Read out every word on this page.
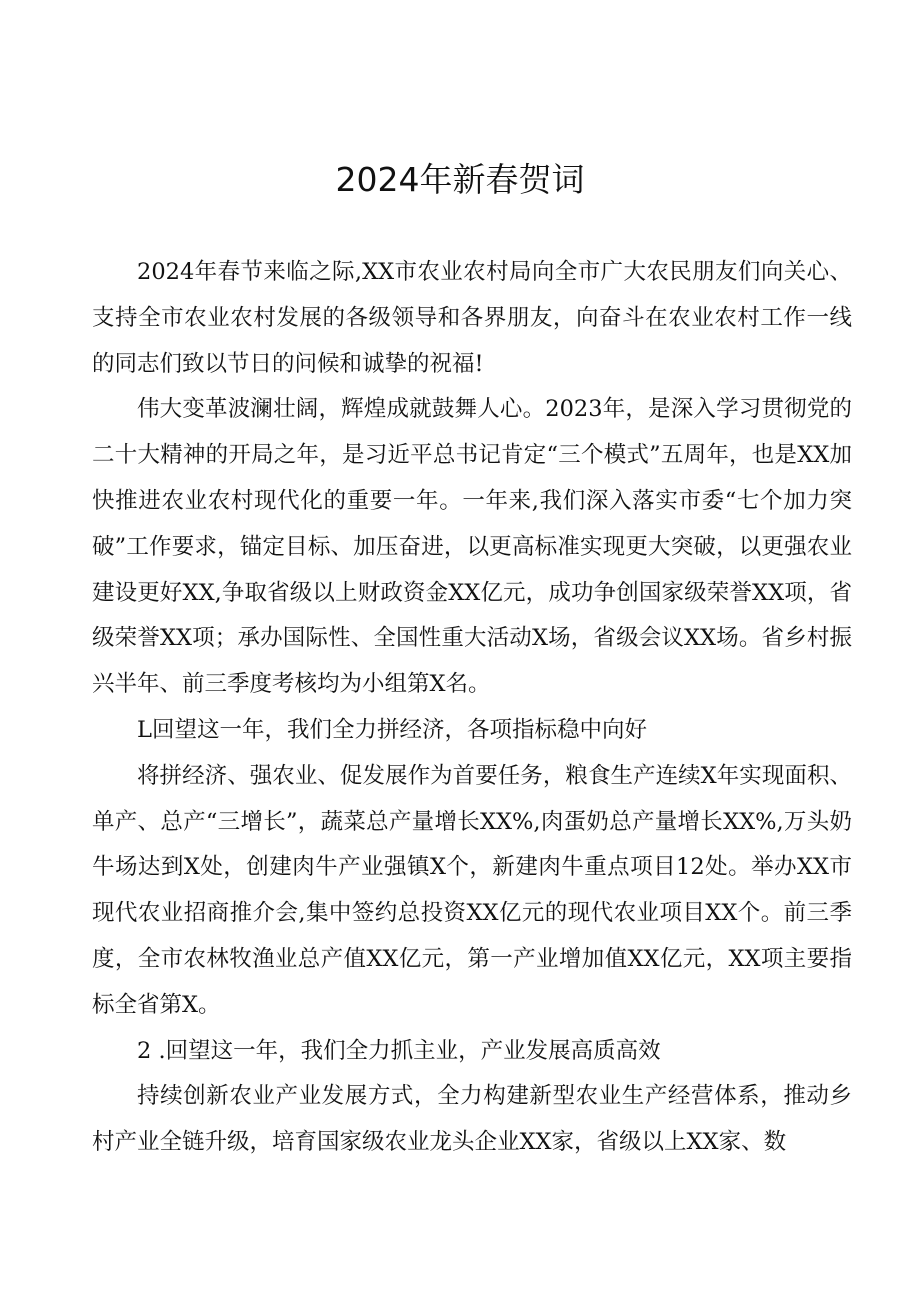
2024年新春贺词

2024年春节来临之际,XX市农业农村局向全市广大农民朋友们向关心、支持全市农业农村发展的各级领导和各界朋友，向奋斗在农业农村工作一线的同志们致以节日的问候和诚挚的祝福!

伟大变革波澜壮阔，辉煌成就鼓舞人心。2023年，是深入学习贯彻党的二十大精神的开局之年，是习近平总书记肯定“三个模式”五周年，也是XX加快推进农业农村现代化的重要一年。一年来,我们深入落实市委“七个加力突破”工作要求，锚定目标、加压奋进，以更高标准实现更大突破，以更强农业建设更好XX,争取省级以上财政资金XX亿元，成功争创国家级荣誉XX项，省级荣誉XX项；承办国际性、全国性重大活动X场，省级会议XX场。省乡村振兴半年、前三季度考核均为小组第X名。

L回望这一年，我们全力拼经济，各项指标稳中向好

将拼经济、强农业、促发展作为首要任务，粮食生产连续X年实现面积、单产、总产“三增长”，蔬菜总产量增长XX%,肉蛋奶总产量增长XX%,万头奶牛场达到X处，创建肉牛产业强镇X个，新建肉牛重点项目12处。举办XX市现代农业招商推介会,集中签约总投资XX亿元的现代农业项目XX个。前三季度，全市农林牧渔业总产值XX亿元，第一产业增加值XX亿元，XX项主要指标全省第X。

2 .回望这一年，我们全力抓主业，产业发展高质高效

持续创新农业产业发展方式，全力构建新型农业生产经营体系，推动乡村产业全链升级，培育国家级农业龙头企业XX家，省级以上XX家、数
